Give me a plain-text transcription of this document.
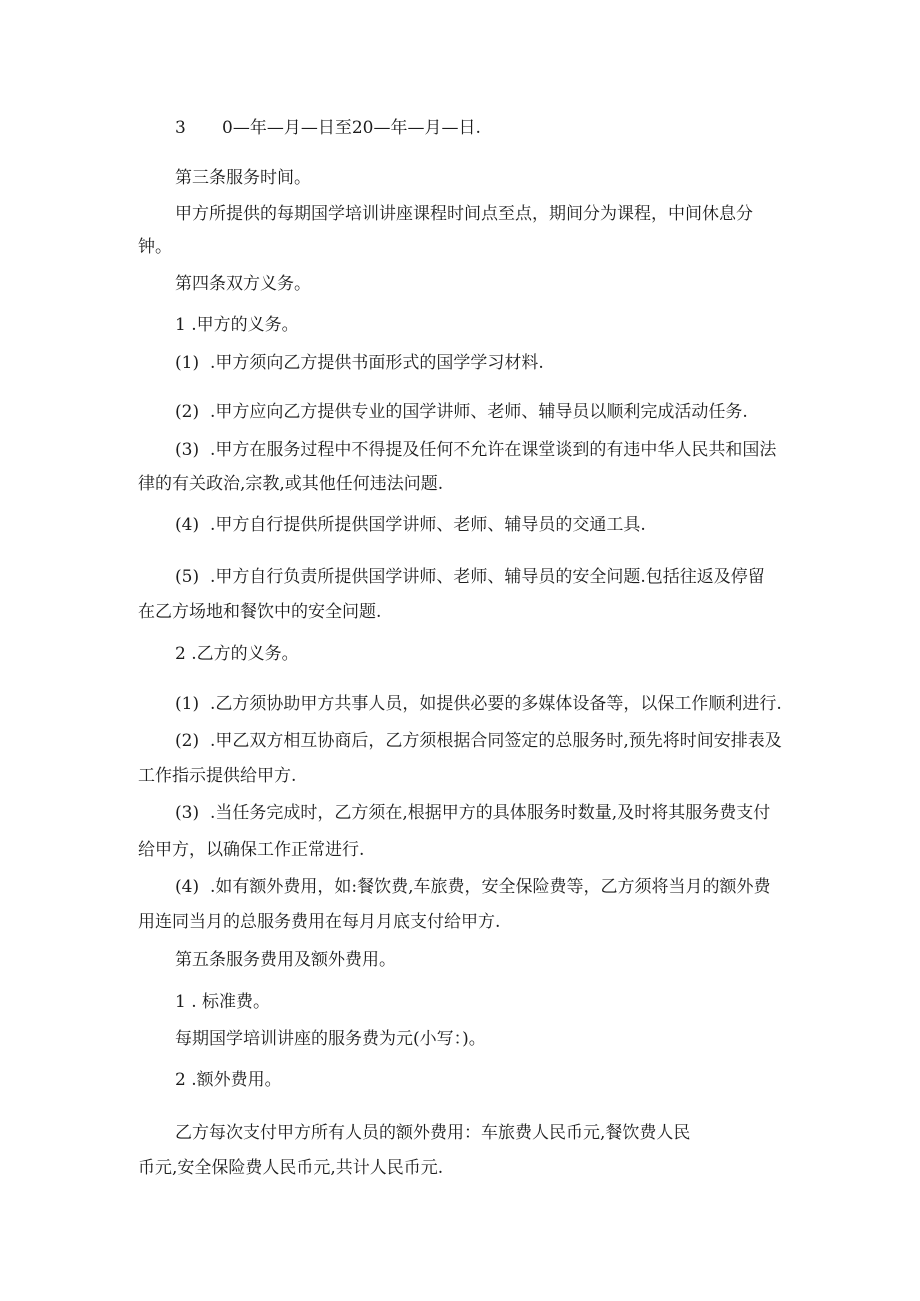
3 0—年—月—日至20—年—月—日.
第三条服务时间。
甲方所提供的每期国学培训讲座课程时间点至点，期间分为课程，中间休息分
钟。
第四条双方义务。
1 .甲方的义务。
(1) .甲方须向乙方提供书面形式的国学学习材料.
(2) .甲方应向乙方提供专业的国学讲师、老师、辅导员以顺利完成活动任务.
(3) .甲方在服务过程中不得提及任何不允许在课堂谈到的有违中华人民共和国法
律的有关政治,宗教,或其他任何违法问题.
(4) .甲方自行提供所提供国学讲师、老师、辅导员的交通工具.
(5) .甲方自行负责所提供国学讲师、老师、辅导员的安全问题.包括往返及停留
在乙方场地和餐饮中的安全问题.
2 .乙方的义务。
(1) .乙方须协助甲方共事人员，如提供必要的多媒体设备等，以保工作顺利进行.
(2) .甲乙双方相互协商后，乙方须根据合同签定的总服务时,预先将时间安排表及
工作指示提供给甲方.
(3) .当任务完成时，乙方须在,根据甲方的具体服务时数量,及时将其服务费支付
给甲方，以确保工作正常进行.
(4) .如有额外费用，如:餐饮费,车旅费，安全保险费等，乙方须将当月的额外费
用连同当月的总服务费用在每月月底支付给甲方.
第五条服务费用及额外费用。
1 . 标准费。
每期国学培训讲座的服务费为元(小写：)。
2 .额外费用。
乙方每次支付甲方所有人员的额外费用：车旅费人民币元,餐饮费人民
币元,安全保险费人民币元,共计人民币元.
